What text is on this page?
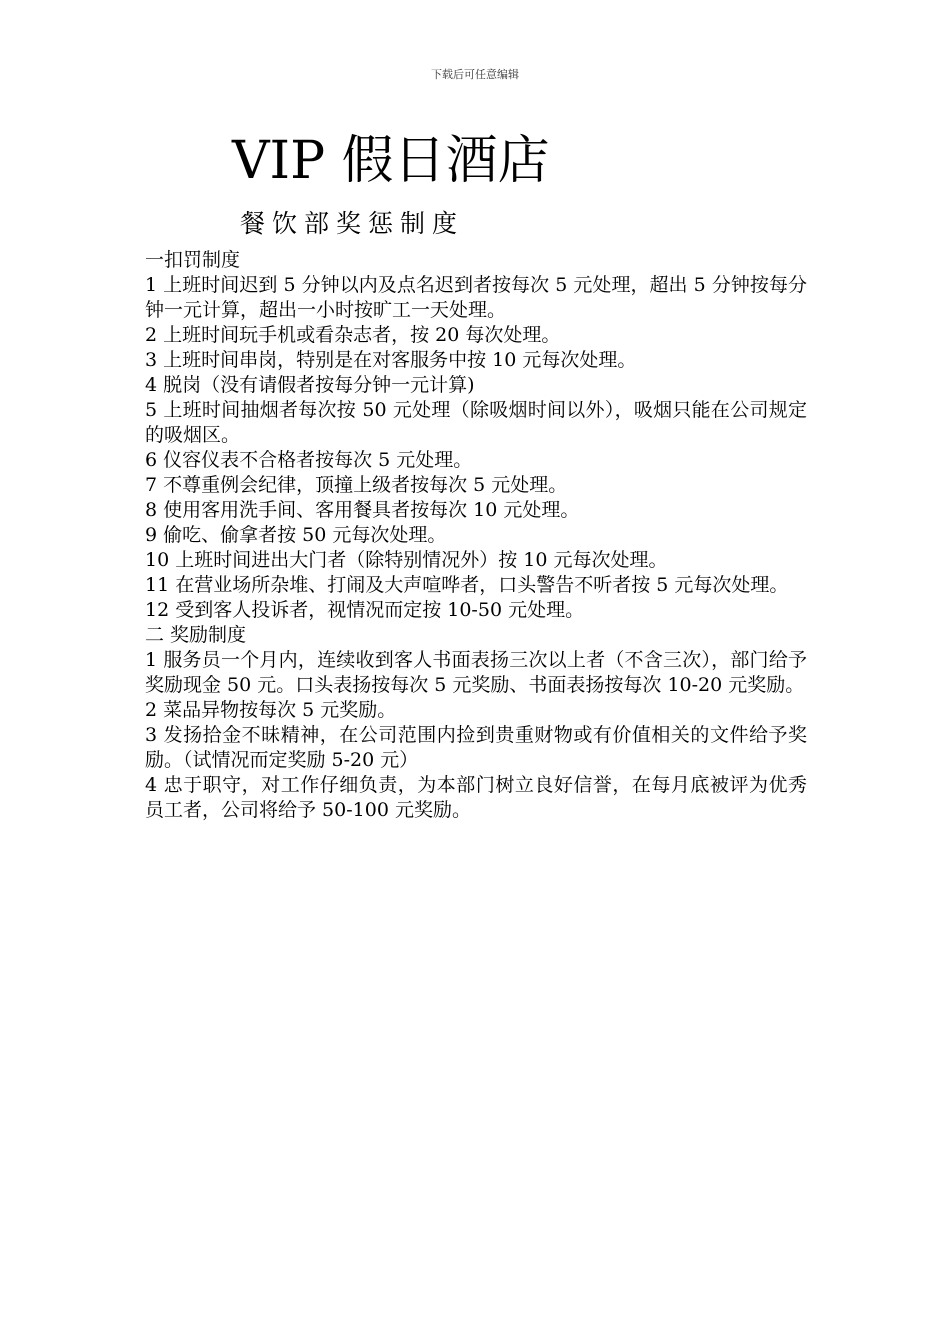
下载后可任意编辑
VIP 假日酒店
餐饮部奖惩制度

一扣罚制度

1 上班时间迟到 5 分钟以内及点名迟到者按每次 5 元处理，超出 5 分钟按每分钟一元计算，超出一小时按旷工一天处理。

2 上班时间玩手机或看杂志者，按 20 每次处理。

3 上班时间串岗，特别是在对客服务中按 10 元每次处理。

4 脱岗（没有请假者按每分钟一元计算)

5 上班时间抽烟者每次按 50 元处理（除吸烟时间以外），吸烟只能在公司规定的吸烟区。

6 仪容仪表不合格者按每次 5 元处理。

7 不尊重例会纪律，顶撞上级者按每次 5 元处理。

8 使用客用洗手间、客用餐具者按每次 10 元处理。

9 偷吃、偷拿者按 50 元每次处理。

10 上班时间进出大门者（除特别情况外）按 10 元每次处理。

11 在营业场所杂堆、打闹及大声喧哗者，口头警告不听者按 5 元每次处理。

12 受到客人投诉者，视情况而定按 10-50 元处理。

二 奖励制度

1 服务员一个月内，连续收到客人书面表扬三次以上者（不含三次），部门给予奖励现金 50 元。口头表扬按每次 5 元奖励、书面表扬按每次 10-20 元奖励。

2 菜品异物按每次 5 元奖励。

3 发扬拾金不昧精神，在公司范围内捡到贵重财物或有价值相关的文件给予奖励。（试情况而定奖励 5-20 元）

4 忠于职守，对工作仔细负责，为本部门树立良好信誉，在每月底被评为优秀员工者，公司将给予 50-100 元奖励。
